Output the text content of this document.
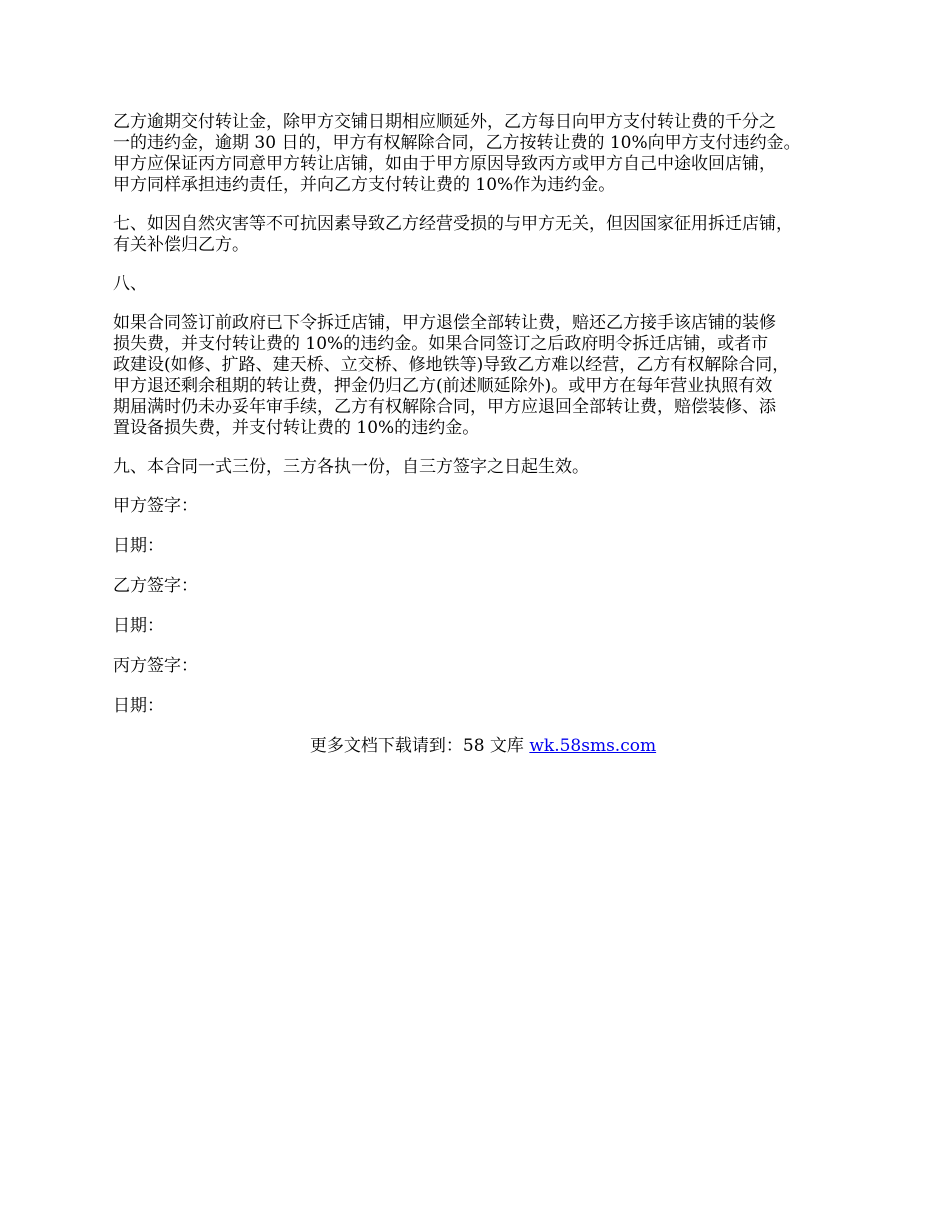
乙方逾期交付转让金，除甲方交铺日期相应顺延外，乙方每日向甲方支付转让费的千分之
一的违约金，逾期 30 日的，甲方有权解除合同，乙方按转让费的 10%向甲方支付违约金。
甲方应保证丙方同意甲方转让店铺，如由于甲方原因导致丙方或甲方自己中途收回店铺，
甲方同样承担违约责任，并向乙方支付转让费的 10%作为违约金。
七、如因自然灾害等不可抗因素导致乙方经营受损的与甲方无关，但因国家征用拆迁店铺，
有关补偿归乙方。

八、

如果合同签订前政府已下令拆迁店铺，甲方退偿全部转让费，赔还乙方接手该店铺的装修
损失费，并支付转让费的 10%的违约金。如果合同签订之后政府明令拆迁店铺，或者市
政建设(如修、扩路、建天桥、立交桥、修地铁等)导致乙方难以经营，乙方有权解除合同，
甲方退还剩余租期的转让费，押金仍归乙方(前述顺延除外)。或甲方在每年营业执照有效
期届满时仍未办妥年审手续，乙方有权解除合同，甲方应退回全部转让费，赔偿装修、添
置设备损失费，并支付转让费的 10%的违约金。

九、本合同一式三份，三方各执一份，自三方签字之日起生效。

甲方签字：

日期：

乙方签字：

日期：

丙方签字：

日期：

更多文档下载请到：58 文库 wk.58sms.com
